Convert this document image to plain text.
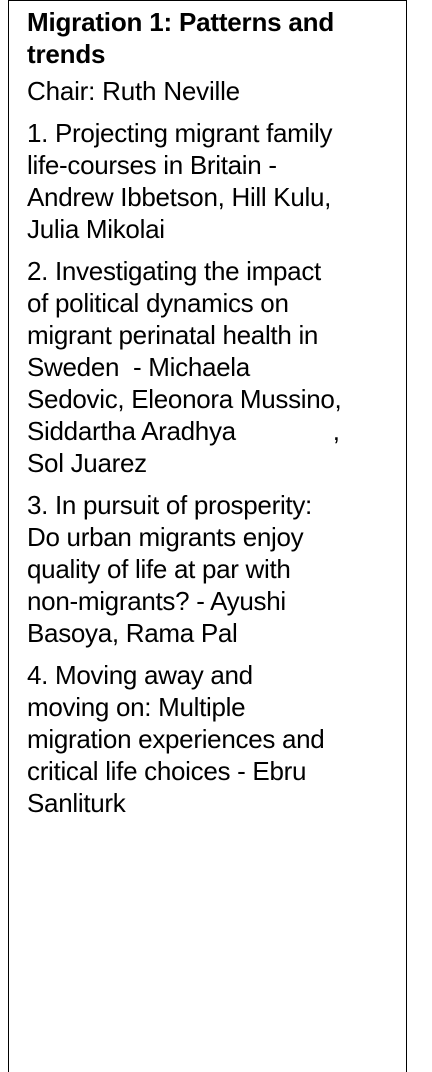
Migration 1: Patterns and
trends
Chair: Ruth Neville
1. Projecting migrant family
life-courses in Britain -
Andrew Ibbetson, Hill Kulu,
Julia Mikolai
2. Investigating the impact
of political dynamics on
migrant perinatal health in
Sweden  - Michaela
Sedovic, Eleonora Mussino,
Siddartha Aradhya              ,
Sol Juarez
3. In pursuit of prosperity:
Do urban migrants enjoy
quality of life at par with
non-migrants? - Ayushi
Basoya, Rama Pal
4. Moving away and
moving on: Multiple
migration experiences and
critical life choices - Ebru
Sanliturk
